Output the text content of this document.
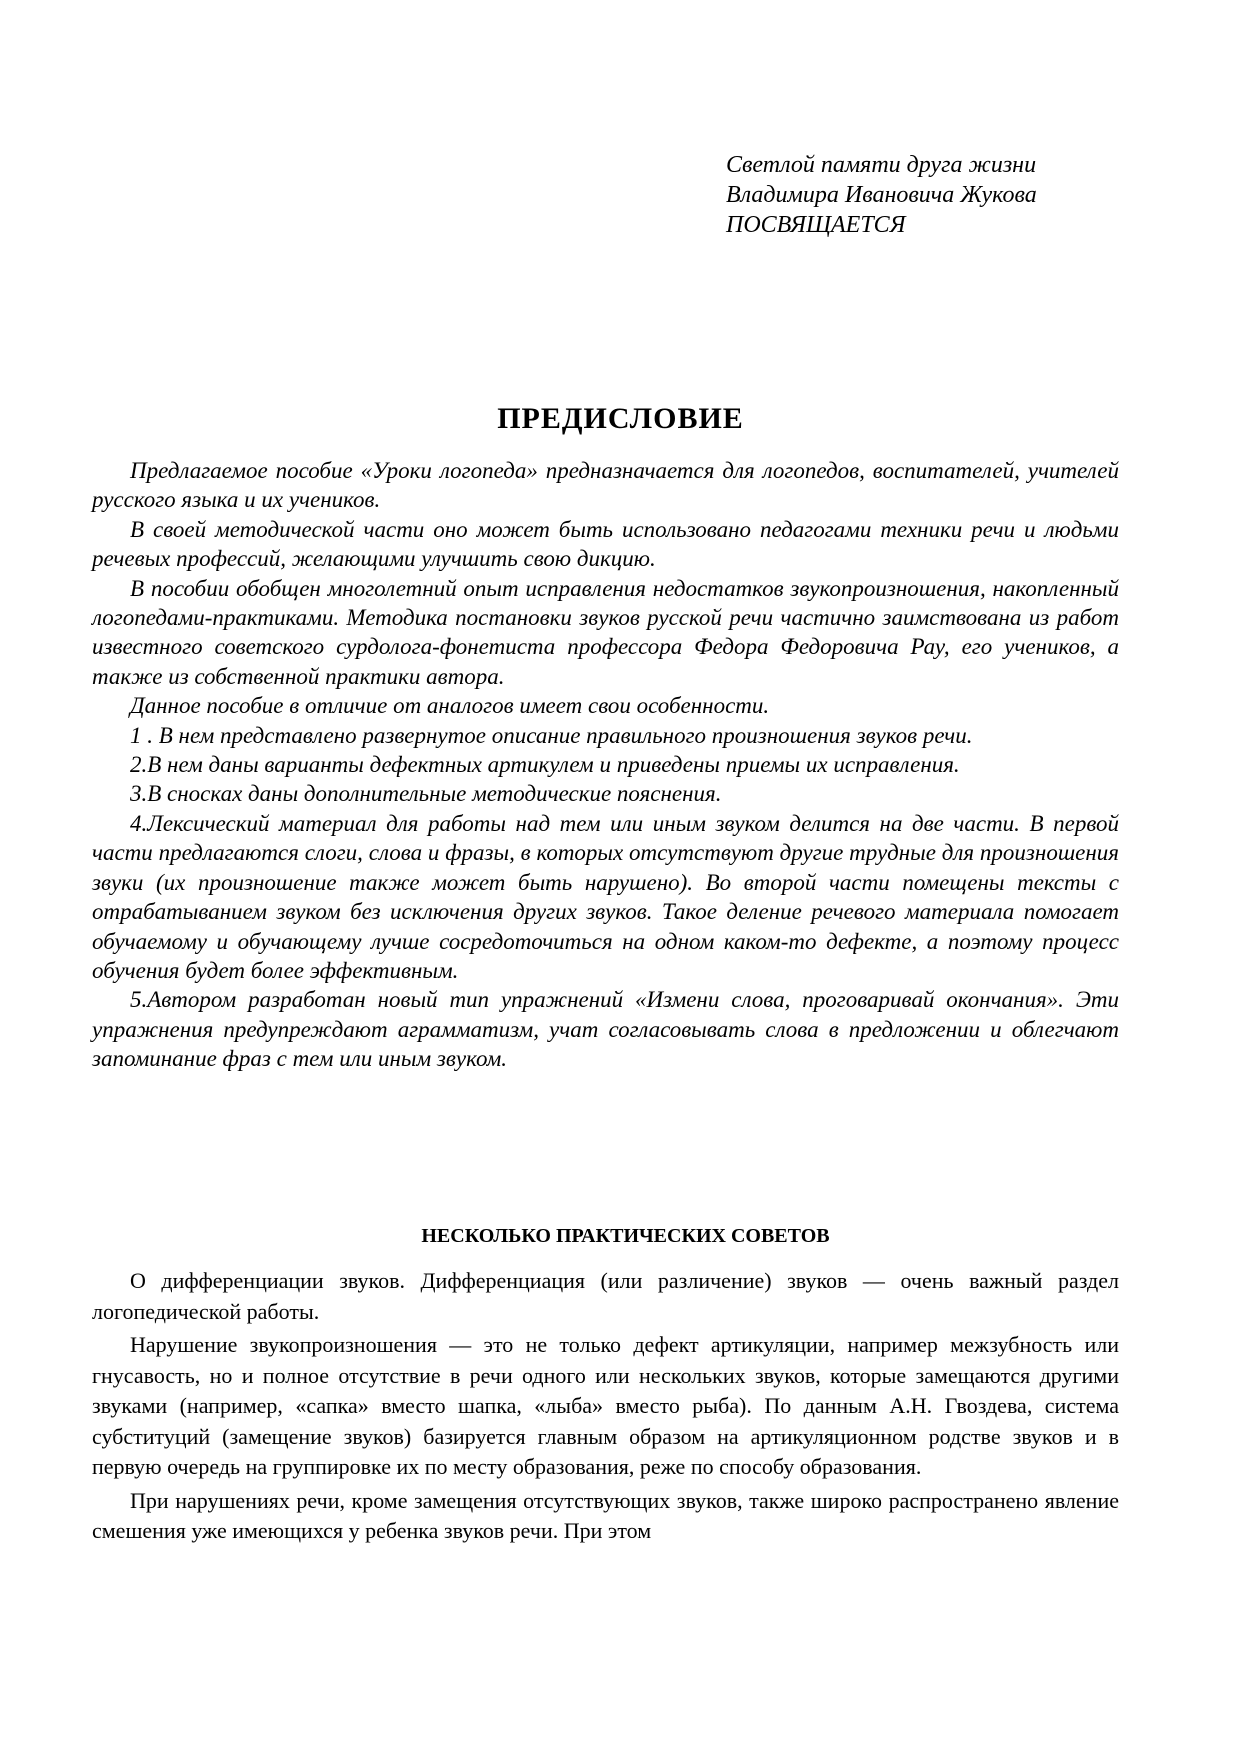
Светлой памяти друга жизни
Владимира Ивановича Жукова
ПОСВЯЩАЕТСЯ
ПРЕДИСЛОВИЕ

Предлагаемое пособие «Уроки логопеда» предназначается для логопедов, воспитателей, учителей русского языка и их учеников.

В своей методической части оно может быть использовано педагогами техники речи и людьми речевых профессий, желающими улучшить свою дикцию.

В пособии обобщен многолетний опыт исправления недостатков звукопроизношения, накопленный логопедами-практиками. Методика постановки звуков русской речи частично заимствована из работ известного советского сурдолога-фонетиста профессора Федора Федоровича Рау, его учеников, а также из собственной практики автора.

Данное пособие в отличие от аналогов имеет свои особенности.

1 . В нем представлено развернутое описание правильного произношения звуков речи.

2.В нем даны варианты дефектных артикулем и приведены приемы их исправления.

3.В сносках даны дополнительные методические пояснения.

4.Лексический материал для работы над тем или иным звуком делится на две части. В первой части предлагаются слоги, слова и фразы, в которых отсутствуют другие трудные для произношения звуки (их произношение также может быть нарушено). Во второй части помещены тексты с отрабатыванием звуком без исключения других звуков. Такое деление речевого материала помогает обучаемому и обучающему лучше сосредоточиться на одном каком-то дефекте, а поэтому процесс обучения будет более эффективным.

5.Автором разработан новый тип упражнений «Измени слова, проговаривай окончания». Эти упражнения предупреждают аграмматизм, учат согласовывать слова в предложении и облегчают запоминание фраз с тем или иным звуком.

НЕСКОЛЬКО ПРАКТИЧЕСКИХ СОВЕТОВ

О дифференциации звуков. Дифференциация (или различение) звуков — очень важный раздел логопедической работы.

Нарушение звукопроизношения — это не только дефект артикуляции, например межзубность или гнусавость, но и полное отсутствие в речи одного или нескольких звуков, которые замещаются другими звуками (например, «сапка» вместо шапка, «лыба» вместо рыба). По данным А.Н. Гвоздева, система субституций (замещение звуков) базируется главным образом на артикуляционном родстве звуков и в первую очередь на группировке их по месту образования, реже по способу образования.

При нарушениях речи, кроме замещения отсутствующих звуков, также широко распространено явление смешения уже имеющихся у ребенка звуков речи. При этом
